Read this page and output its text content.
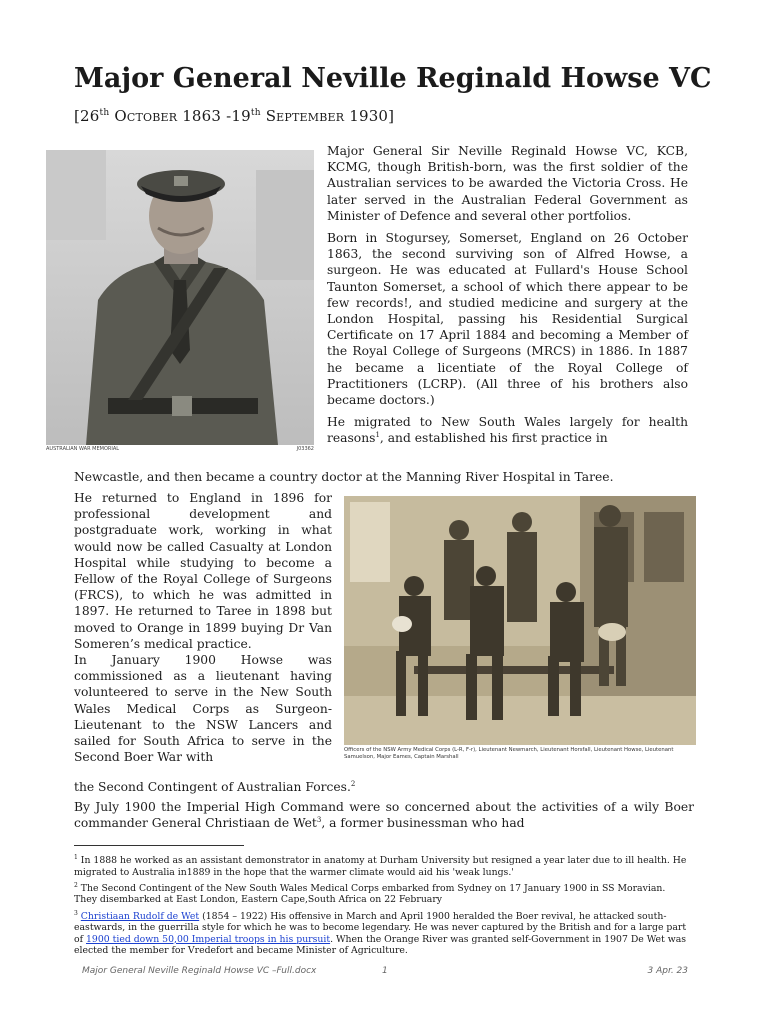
Major General Neville Reginald Howse VC
[26th October 1863 -19th September 1930]
AUSTRALIAN WAR MEMORIAL	J03362

Major General Sir Neville Reginald Howse VC, KCB, KCMG, though British-born, was the first soldier of the Australian services to be awarded the Victoria Cross. He later served in the Australian Federal Government as Minister of Defence and several other portfolios.

Born in Stogursey, Somerset, England on 26 October 1863, the second surviving son of Alfred Howse, a surgeon. He was educated at Fullard's House School Taunton Somerset, a school of which there appear to be few records!, and studied medicine and surgery at the London Hospital, passing his Residential Surgical Certificate on 17 April 1884 and becoming a Member of the Royal College of Surgeons (MRCS) in 1886. In 1887 he became a licentiate of the Royal College of Practitioners (LCRP). (All three of his brothers also became doctors.)

He migrated to New South Wales largely for health reasons$^1$, and established his first practice in

Newcastle, and then became a country doctor at the Manning River Hospital in Taree.

He returned to England in 1896 for professional development and postgraduate work, working in what would now be called Casualty at London Hospital while studying to become a Fellow of the Royal College of Surgeons (FRCS), to which he was admitted in 1897. He returned to Taree in 1898 but moved to Orange in 1899 buying Dr Van Someren’s medical practice.

In January 1900 Howse was commissioned as a lieutenant having volunteered to serve in the New South Wales Medical Corps as Surgeon-Lieutenant to the NSW Lancers and sailed for South Africa to serve in the Second Boer War with

Officers of the NSW Army Medical Corps (L-R, F-r), Lieutenant Newmarch, Lieutenant Horsfall, Lieutenant Howse, Lieutenant Samuelson, Major Eames, Captain Marshall

the Second Contingent of Australian Forces.$^2$

By July 1900 the Imperial High Command were so concerned about the activities of a wily Boer commander General Christiaan de Wet$^3$, a former businessman who had

$^1$ In 1888 he worked as an assistant demonstrator in anatomy at Durham University but resigned a year later due to ill health. He migrated to Australia in1889 in the hope that the warmer climate would aid his 'weak lungs.'

$^2$ The Second Contingent of the New South Wales Medical Corps embarked from Sydney on 17 January 1900 in SS Moravian. They disembarked at East London, Eastern Cape,South Africa on 22 February

$^3$ Christiaan Rudolf de Wet (1854 – 1922) His offensive in March and April 1900 heralded the Boer revival, he attacked south-eastwards, in the guerrilla style for which he was to become legendary. He was never captured by the British and for a large part of 1900 tied down 50,00 Imperial troops in his pursuit. When the Orange River was granted self-Government in 1907 De Wet was elected the member for Vredefort and became Minister of Agriculture.

Major General Neville Reginald Howse VC –Full.docx	1	3 Apr. 23
